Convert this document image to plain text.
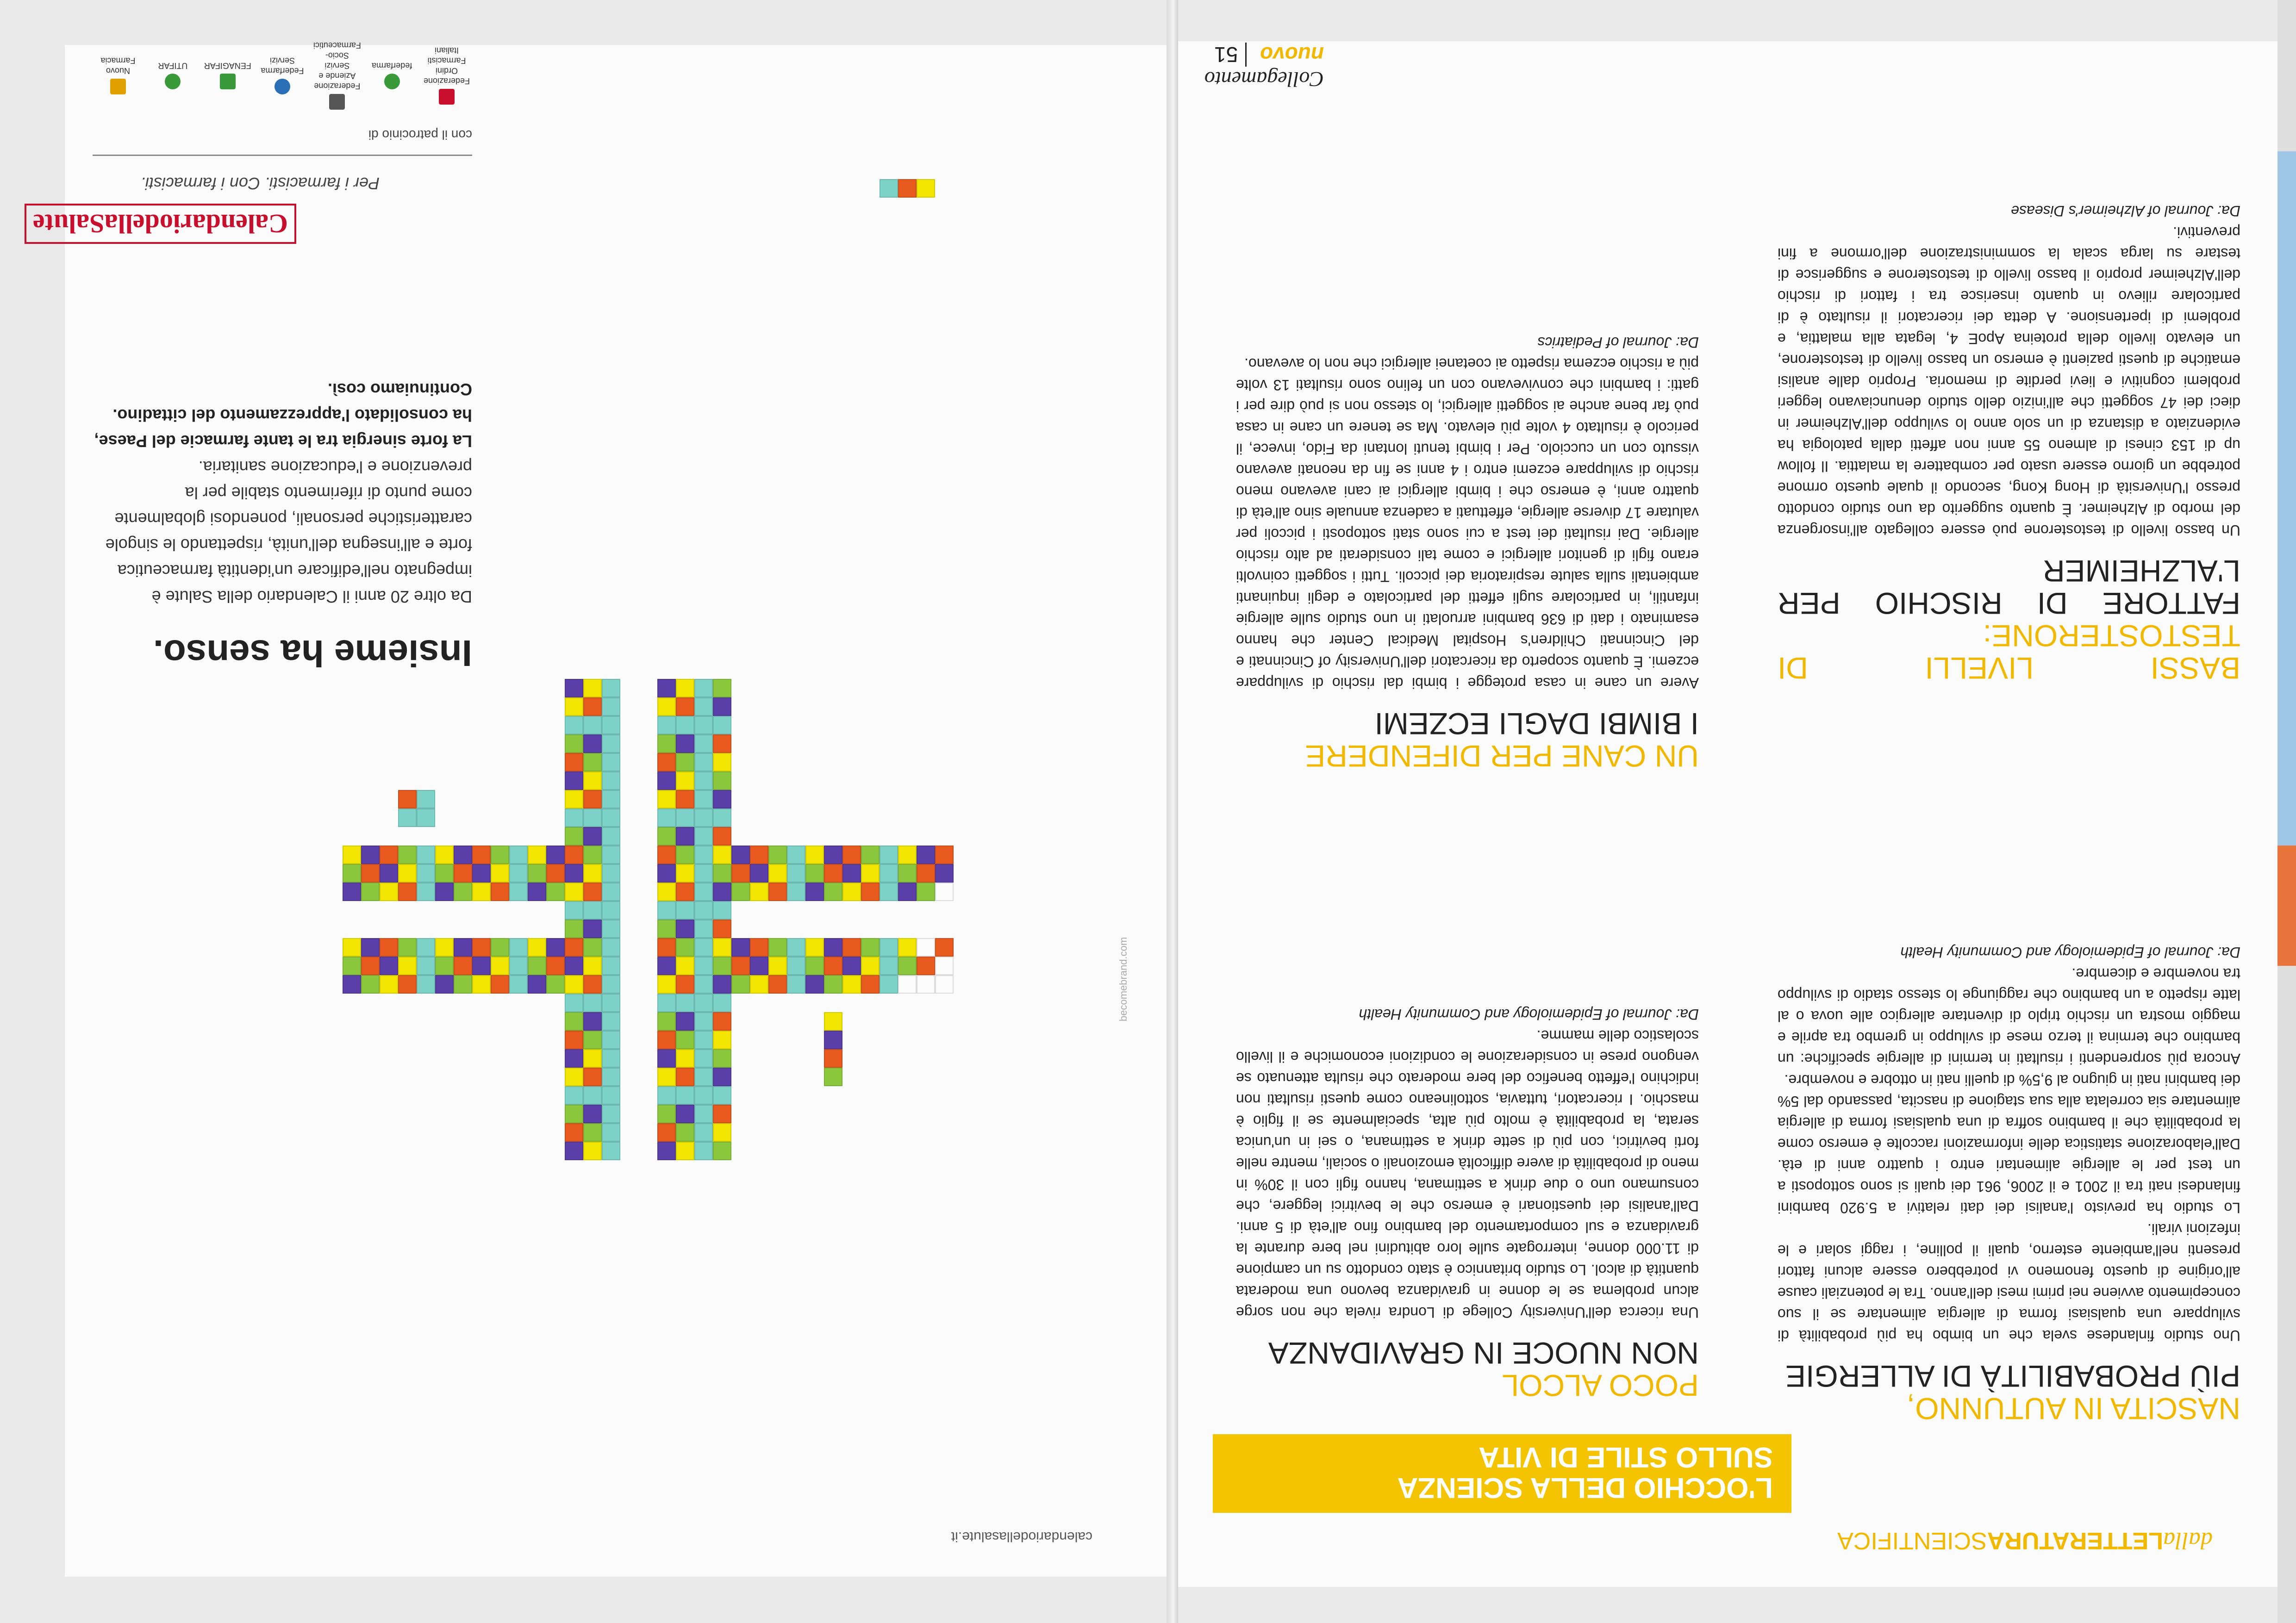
calendariodellasalute.it
becomebrand.com
Insieme ha senso.
Da oltre 20 anni il Calendario della Salute è impegnato nell'edificare un'identità farmaceutica forte e all'insegna dell'unità, rispettando le singole caratteristiche personali, ponendosi globalmente come punto di riferimento stabile per la prevenzione e l'educazione sanitaria.
La forte sinergia tra le tante farmacie del Paese, ha consolidato l'apprezzamento del cittadino. Continuiamo così.
CalendariodellaSalute
Per i farmacisti. Con i farmacisti.
con il patrocinio di
Federazione Ordini Farmacisti Italiani
federfarma
Federazione Aziende e Servizi Socio-Farmaceutici
Federfarma Servizi
FENAGIFAR
UTIFAR
Nuovo Farmacia
dallaLETTERATURASCIENTIFICA
L'OCCHIO DELLA SCIENZA
SULLO STILE DI VITA
NASCITA IN AUTUNNO,
PIÙ PROBABILITÀ DI ALLERGIE

Uno studio finlandese svela che un bimbo ha più probabilità di sviluppare una qualsiasi forma di allergia alimentare se il suo concepimento avviene nei primi mesi dell'anno. Tra le potenziali cause all'origine di questo fenomeno vi potrebbero essere alcuni fattori presenti nell'ambiente esterno, quali il polline, i raggi solari e le infezioni virali.

Lo studio ha previsto l'analisi dei dati relativi a 5.920 bambini finlandesi nati tra il 2001 e il 2006, 961 dei quali si sono sottoposti a un test per le allergie alimentari entro i quattro anni di età. Dall'elaborazione statistica delle informazioni raccolte è emerso come la probabilità che il bambino soffra di una qualsiasi forma di allergia alimentare sia correlata alla sua stagione di nascita, passando dal 5% dei bambini nati in giugno al 9,5% di quelli nati in ottobre e novembre.

Ancora più sorprendenti i risultati in termini di allergie specifiche: un bambino che termina il terzo mese di sviluppo in grembo tra aprile e maggio mostra un rischio triplo di diventare allergico alle uova o al latte rispetto a un bambino che raggiunge lo stesso stadio di sviluppo tra novembre e dicembre.

Da: Journal of Epidemiology and Community Health

POCO ALCOL
NON NUOCE IN GRAVIDANZA

Una ricerca dell'University College di Londra rivela che non sorge alcun problema se le donne in gravidanza bevono una moderata quantità di alcol. Lo studio britannico è stato condotto su un campione di 11.000 donne, interrogate sulle loro abitudini nel bere durante la gravidanza e sul comportamento del bambino fino all'età di 5 anni. Dall'analisi dei questionari è emerso che le bevitrici leggere, che consumano uno o due drink a settimana, hanno figli con il 30% in meno di probabilità di avere difficoltà emozionali o sociali, mentre nelle forti bevitrici, con più di sette drink a settimana, o sei in un'unica serata, la probabilità è molto più alta, specialmente se il figlio è maschio. I ricercatori, tuttavia, sottolineano come questi risultati non indichino l'effetto benefico del bere moderato che risulta attenuato se vengono prese in considerazione le condizioni economiche e il livello scolastico delle mamme.

Da: Journal of Epidemiology and Community Health

UN CANE PER DIFENDERE
I BIMBI DAGLI ECZEMI

Avere un cane in casa protegge i bimbi dal rischio di sviluppare eczemi. È quanto scoperto da ricercatori dell'University of Cincinnati e del Cincinnati Children's Hospital Medical Center che hanno esaminato i dati di 636 bambini arruolati in uno studio sulle allergie infantili, in particolare sugli effetti del particolato e degli inquinanti ambientali sulla salute respiratoria dei piccoli. Tutti i soggetti coinvolti erano figli di genitori allergici e come tali considerati ad alto rischio allergie. Dai risultati dei test a cui sono stati sottoposti i piccoli per valutare 17 diverse allergie, effettuati a cadenza annuale sino all'età di quattro anni, è emerso che i bimbi allergici ai cani avevano meno rischio di sviluppare eczemi entro i 4 anni se fin da neonati avevano vissuto con un cucciolo. Per i bimbi tenuti lontani da Fido, invece, il pericolo è risultato 4 volte più elevato. Ma se tenere un cane in casa può far bene anche ai soggetti allergici, lo stesso non si può dire per i gatti: i bambini che convivevano con un felino sono risultati 13 volte più a rischio eczema rispetto ai coetanei allergici che non lo avevano.

Da: Journal of Pediatrics

BASSI LIVELLI DI TESTOSTERONE:
FATTORE DI RISCHIO PER L'ALZHEIMER

Un basso livello di testosterone può essere collegato all'insorgenza del morbo di Alzheimer. È quanto suggerito da uno studio condotto presso l'Università di Hong Kong, secondo il quale questo ormone potrebbe un giorno essere usato per combattere la malattia. Il follow up di 153 cinesi di almeno 55 anni non affetti dalla patologia ha evidenziato a distanza di un solo anno lo sviluppo dell'Alzheimer in dieci dei 47 soggetti che all'inizio dello studio denunciavano leggeri problemi cognitivi e lievi perdite di memoria. Proprio dalle analisi ematiche di questi pazienti è emerso un basso livello di testosterone, un elevato livello della proteina ApoE 4, legata alla malattia, e problemi di ipertensione. A detta dei ricercatori il risultato è di particolare rilievo in quanto inserisce tra i fattori di rischio dell'Alzheimer proprio il basso livello di testosterone e suggerisce di testare su larga scala la somministrazione dell'ormone a fini preventivi.

Da: Journal of Alzheimer's Disease

Collegamento nuovo 51
